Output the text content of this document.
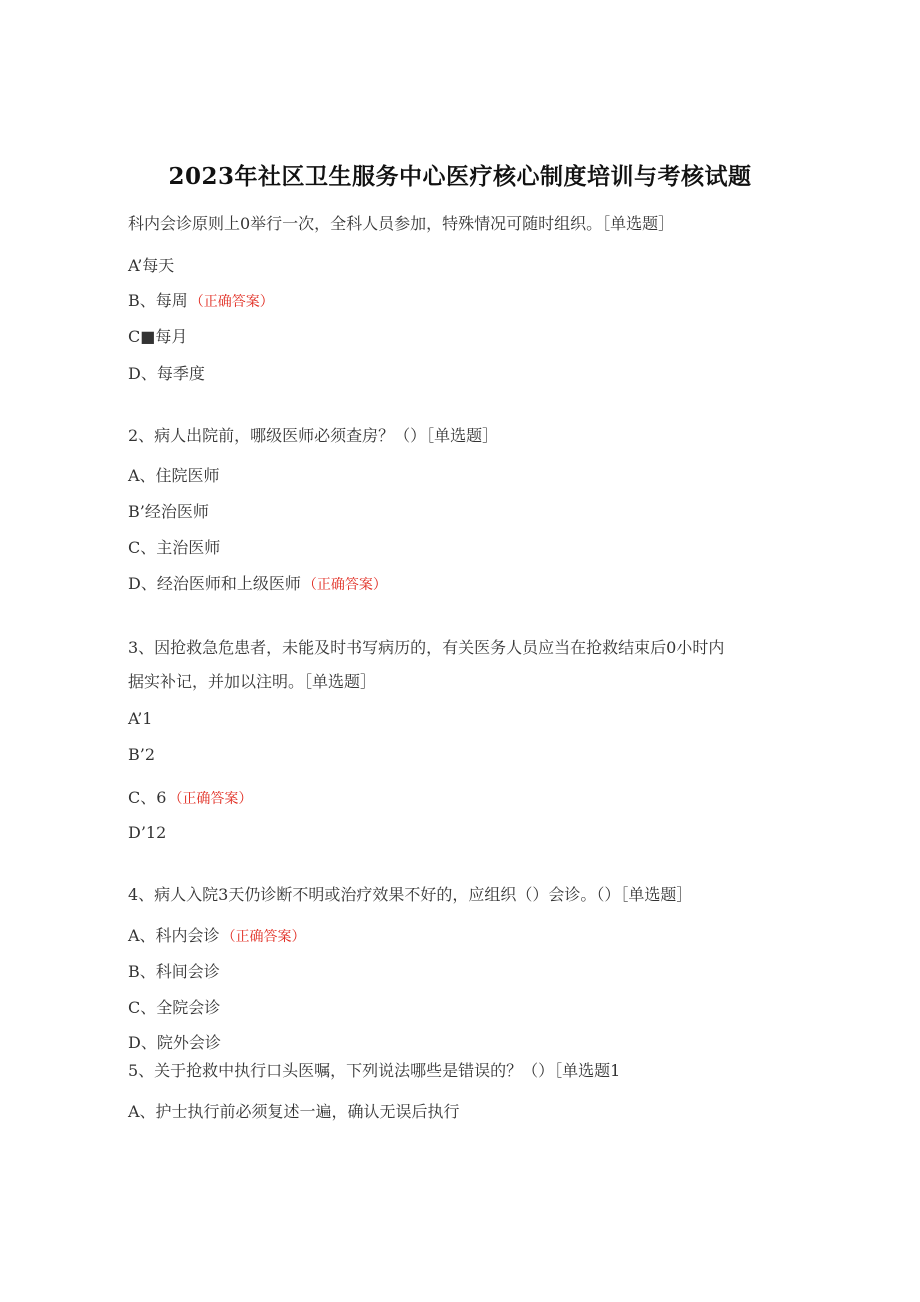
2023年社区卫生服务中心医疗核心制度培训与考核试题
科内会诊原则上0举行一次，全科人员参加，特殊情况可随时组织。［单选题］
A’每天
B、每周 （正确答案）
C■每月
D、每季度
2、病人出院前，哪级医师必须查房？（）［单选题］
A、住院医师
B’经治医师
C、主治医师
D、经治医师和上级医师 （正确答案）
3、因抢救急危患者，未能及时书写病历的，有关医务人员应当在抢救结束后0小时内
据实补记，并加以注明。［单选题］
A’1
B’2
C、6 （正确答案）
D’12
4、病人入院3天仍诊断不明或治疗效果不好的，应组织（）会诊。（）［单选题］
A、科内会诊 （正确答案）
B、科间会诊
C、全院会诊
D、院外会诊
5、关于抢救中执行口头医嘱，下列说法哪些是错误的？（）［单选题1
A、护士执行前必须复述一遍，确认无误后执行
